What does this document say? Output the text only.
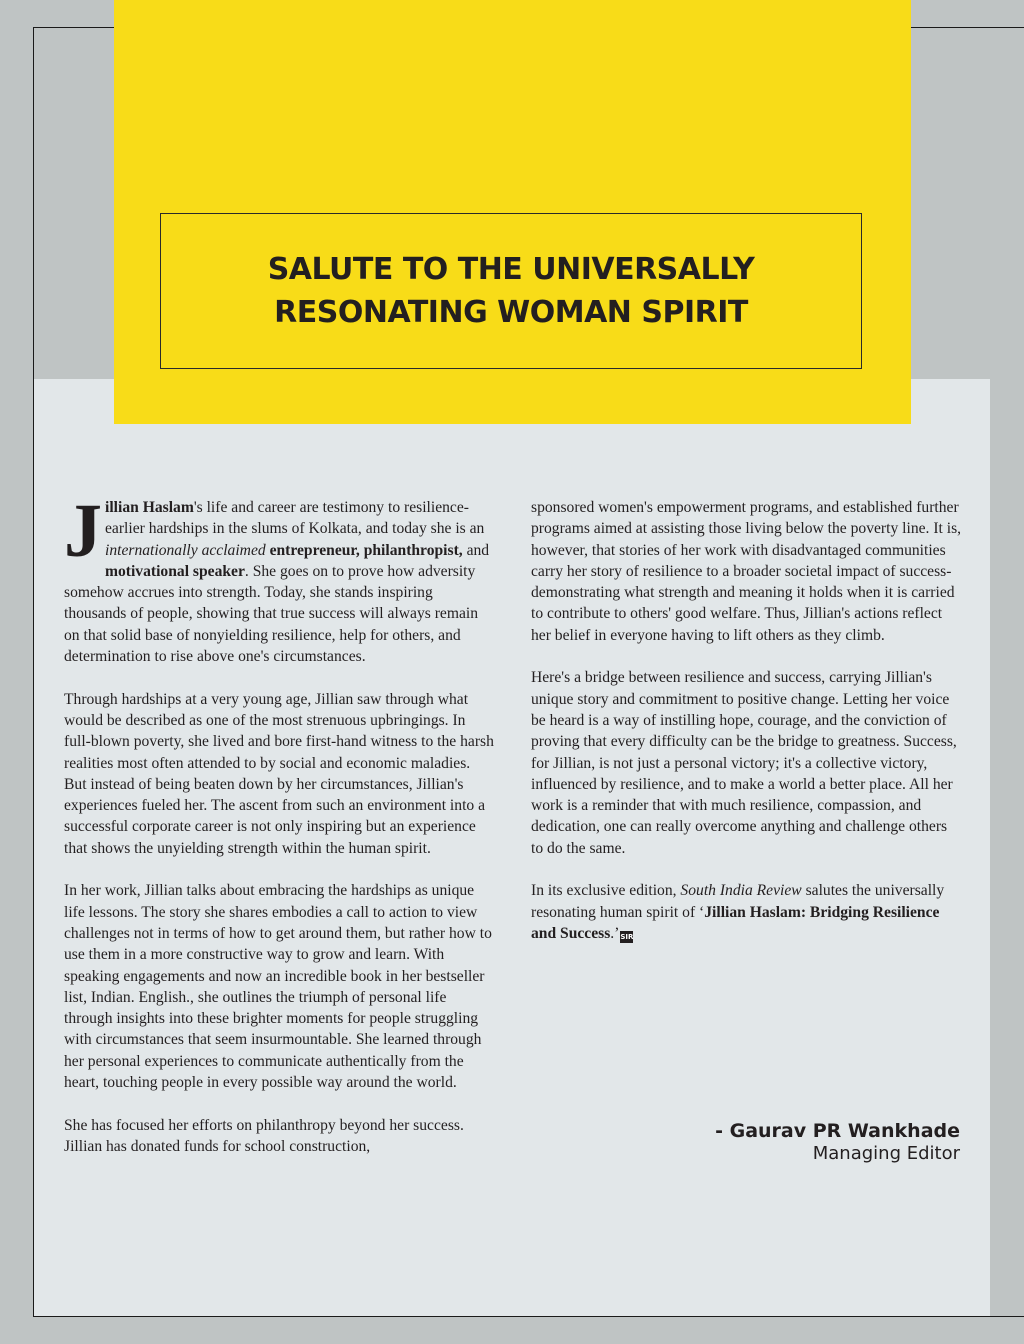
SALUTE TO THE UNIVERSALLY
RESONATING WOMAN SPIRIT

Jillian Haslam's life and career are testimony to resilience-earlier hardships in the slums of Kolkata, and today she is an internationally acclaimed entrepreneur, philanthropist, and motivational speaker. She goes on to prove how adversity somehow accrues into strength. Today, she stands inspiring thousands of people, showing that true success will always remain on that solid base of nonyielding resilience, help for others, and determination to rise above one's circumstances.

Through hardships at a very young age, Jillian saw through what would be described as one of the most strenuous upbringings. In full-blown poverty, she lived and bore first-hand witness to the harsh realities most often attended to by social and economic maladies. But instead of being beaten down by her circumstances, Jillian's experiences fueled her. The ascent from such an environment into a successful corporate career is not only inspiring but an experience that shows the unyielding strength within the human spirit.

In her work, Jillian talks about embracing the hardships as unique life lessons. The story she shares embodies a call to action to view challenges not in terms of how to get around them, but rather how to use them in a more constructive way to grow and learn. With speaking engagements and now an incredible book in her bestseller list, Indian. English., she outlines the triumph of personal life through insights into these brighter moments for people struggling with circumstances that seem insurmountable. She learned through her personal experiences to communicate authentically from the heart, touching people in every possible way around the world.

She has focused her efforts on philanthropy beyond her success. Jillian has donated funds for school construction,

sponsored women's empowerment programs, and established further programs aimed at assisting those living below the poverty line. It is, however, that stories of her work with disadvantaged communities carry her story of resilience to a broader societal impact of success-demonstrating what strength and meaning it holds when it is carried to contribute to others' good welfare. Thus, Jillian's actions reflect her belief in everyone having to lift others as they climb.

Here's a bridge between resilience and success, carrying Jillian's unique story and commitment to positive change. Letting her voice be heard is a way of instilling hope, courage, and the conviction of proving that every difficulty can be the bridge to greatness. Success, for Jillian, is not just a personal victory; it's a collective victory, influenced by resilience, and to make a world a better place. All her work is a reminder that with much resilience, compassion, and dedication, one can really overcome anything and challenge others to do the same.

In its exclusive edition, South India Review salutes the universally resonating human spirit of ‘Jillian Haslam: Bridging Resilience and Success.’SIR

- Gaurav PR Wankhade
Managing Editor
